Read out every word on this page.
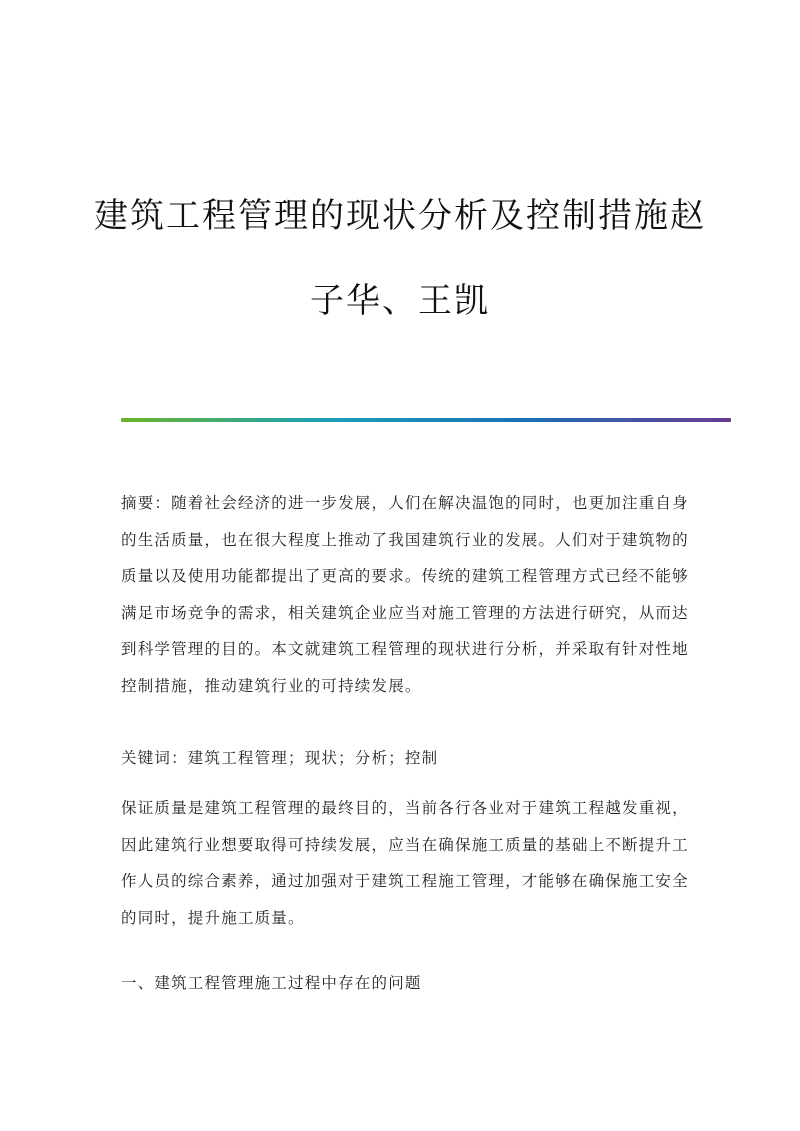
建筑工程管理的现状分析及控制措施赵
子华、王凯
摘要：随着社会经济的进一步发展，人们在解决温饱的同时，也更加注重自身
的生活质量，也在很大程度上推动了我国建筑行业的发展。人们对于建筑物的
质量以及使用功能都提出了更高的要求。传统的建筑工程管理方式已经不能够
满足市场竞争的需求，相关建筑企业应当对施工管理的方法进行研究，从而达
到科学管理的目的。本文就建筑工程管理的现状进行分析，并采取有针对性地
控制措施，推动建筑行业的可持续发展。
关键词：建筑工程管理；现状；分析；控制
保证质量是建筑工程管理的最终目的，当前各行各业对于建筑工程越发重视，
因此建筑行业想要取得可持续发展，应当在确保施工质量的基础上不断提升工
作人员的综合素养，通过加强对于建筑工程施工管理，才能够在确保施工安全
的同时，提升施工质量。
一、建筑工程管理施工过程中存在的问题
